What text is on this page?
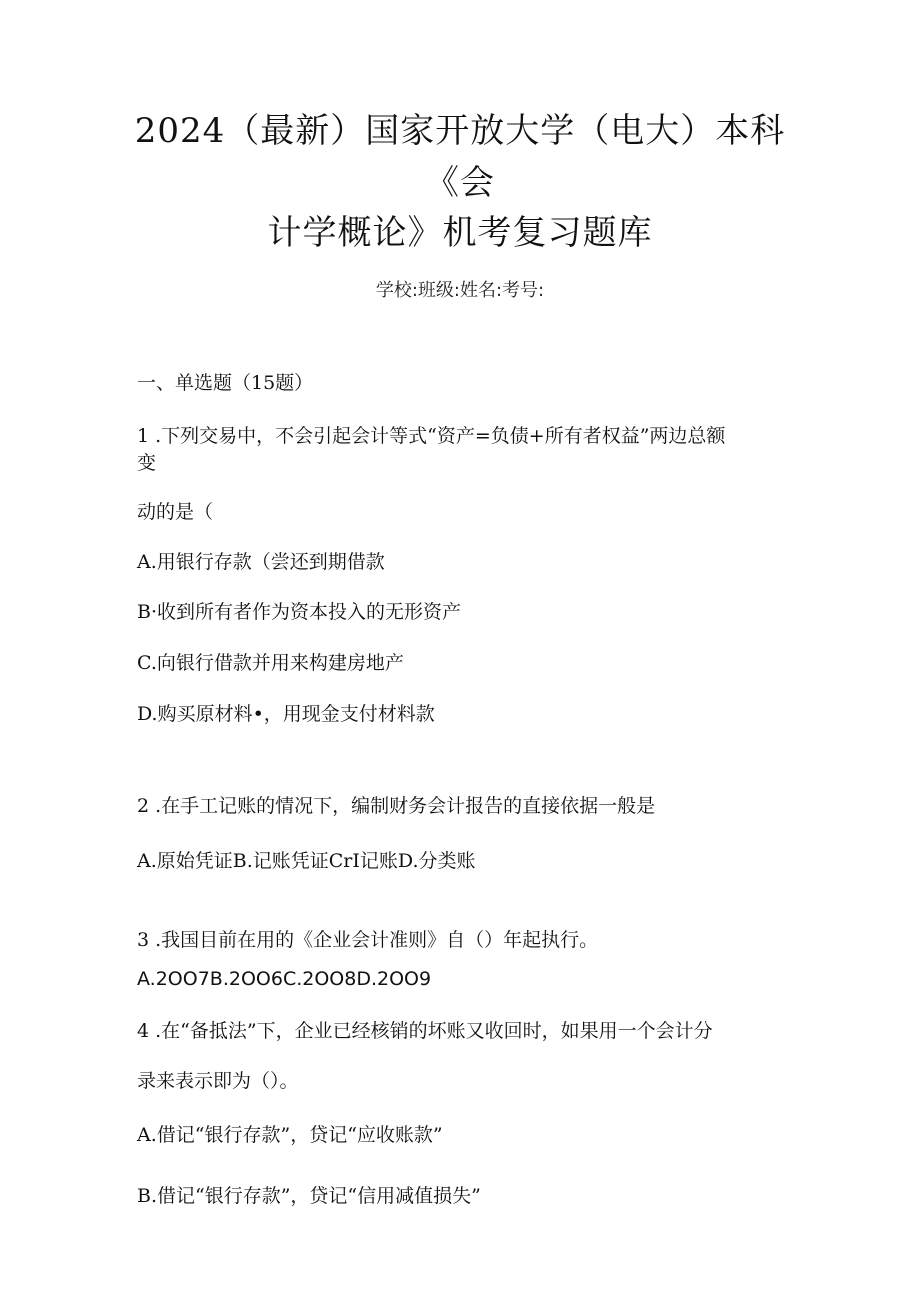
2024（最新）国家开放大学（电大）本科
《会
计学概论》机考复习题库
学校:班级:姓名:考号:
一、单选题（15题）
1 .下列交易中，不会引起会计等式“资产=负债+所有者权益”两边总额
变
动的是（
A.用银行存款（尝还到期借款
B·收到所有者作为资本投入的无形资产
C.向银行借款并用来构建房地产
D.购买原材料•，用现金支付材料款
2 .在手工记账的情况下，编制财务会计报告的直接依据一般是
A.原始凭证B.记账凭证CrI记账D.分类账
3 .我国目前在用的《企业会计准则》自（）年起执行。
A.2OO7B.2OO6C.2OO8D.2OO9
4 .在“备抵法”下，企业已经核销的坏账又收回时，如果用一个会计分
录来表示即为（）。
A.借记“银行存款”，贷记“应收账款”
B.借记“银行存款”，贷记“信用减值损失”
